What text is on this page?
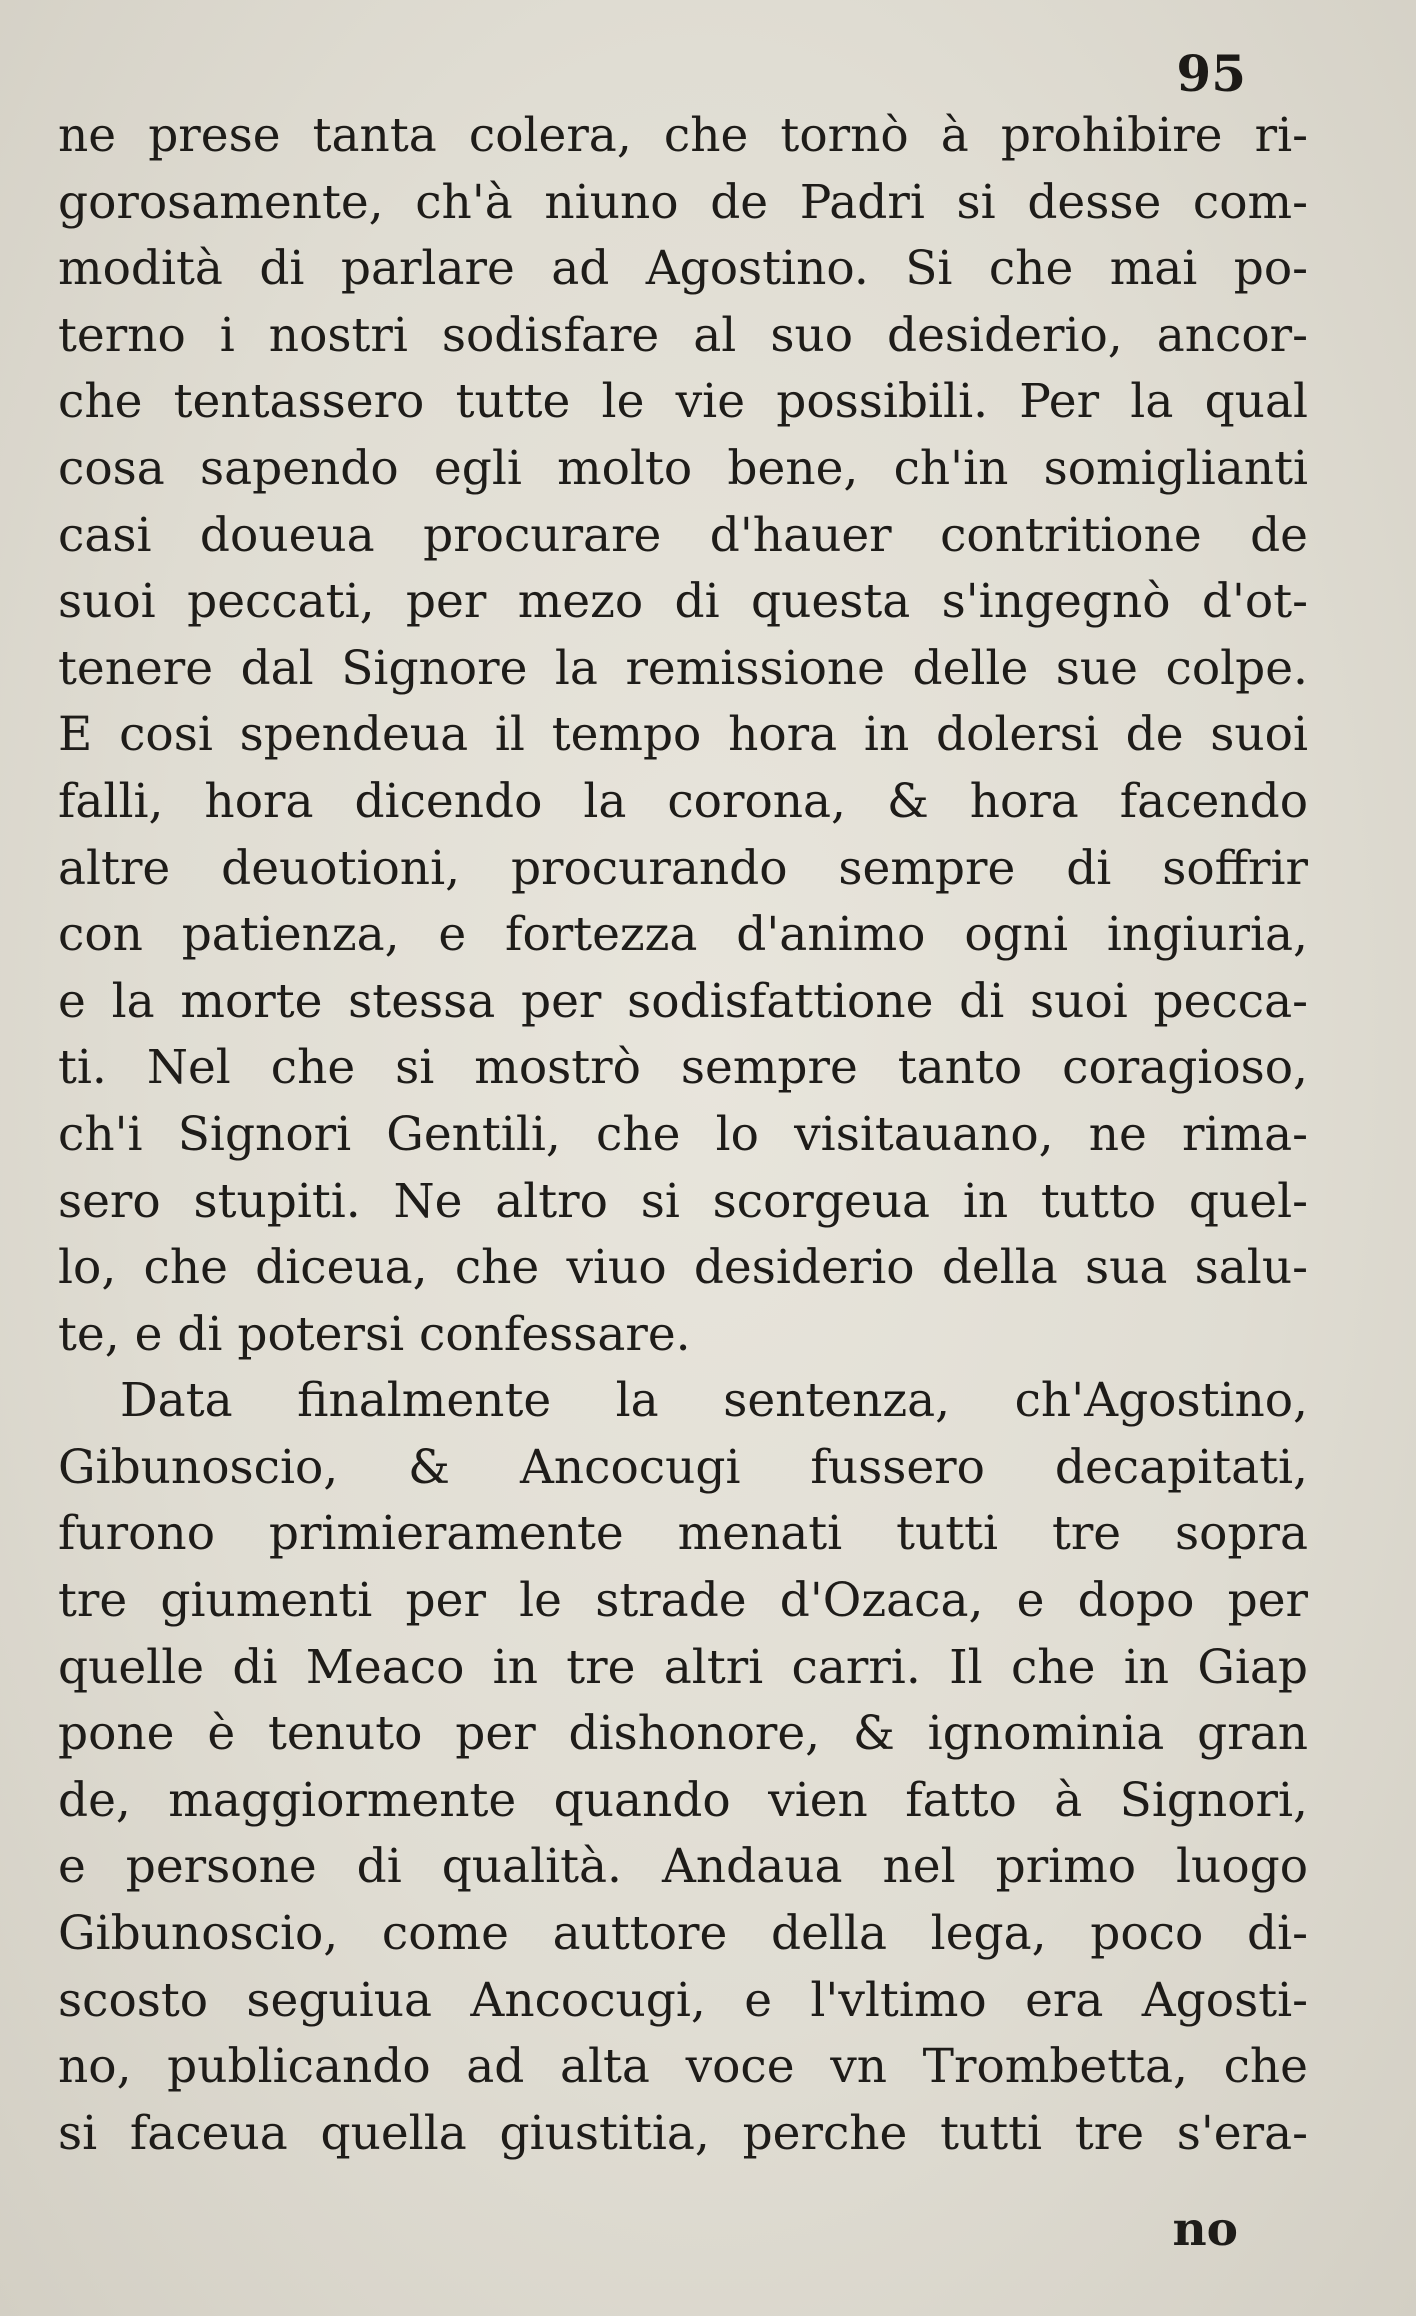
95
ne prese tanta colera, che tornò à prohibire ri-
gorosamente, ch'à niuno de Padri si desse com-
modità di parlare ad Agostino. Si che mai po-
terno i nostri sodisfare al suo desiderio, ancor-
che tentassero tutte le vie possibili. Per la qual
cosa sapendo egli molto bene, ch'in somiglianti
casi doueua procurare d'hauer contritione de
suoi peccati, per mezo di questa s'ingegnò d'ot-
tenere dal Signore la remissione delle sue colpe.
E cosi spendeua il tempo hora in dolersi de suoi
falli, hora dicendo la corona, & hora facendo
altre deuotioni, procurando sempre di soffrir
con patienza, e fortezza d'animo ogni ingiuria,
e la morte stessa per sodisfattione di suoi pecca-
ti. Nel che si mostrò sempre tanto coragioso,
ch'i Signori Gentili, che lo visitauano, ne rima-
sero stupiti. Ne altro si scorgeua in tutto quel-
lo, che diceua, che viuo desiderio della sua salu-
te, e di potersi confessare.
Data finalmente la sentenza, ch'Agostino,
Gibunoscio, & Ancocugi fussero decapitati,
furono primieramente menati tutti tre sopra
tre giumenti per le strade d'Ozaca, e dopo per
quelle di Meaco in tre altri carri. Il che in Giap
pone è tenuto per dishonore, & ignominia gran
de, maggiormente quando vien fatto à Signori,
e persone di qualità. Andaua nel primo luogo
Gibunoscio, come auttore della lega, poco di-
scosto seguiua Ancocugi, e l'vltimo era Agosti-
no, publicando ad alta voce vn Trombetta, che
si faceua quella giustitia, perche tutti tre s'era-
no
